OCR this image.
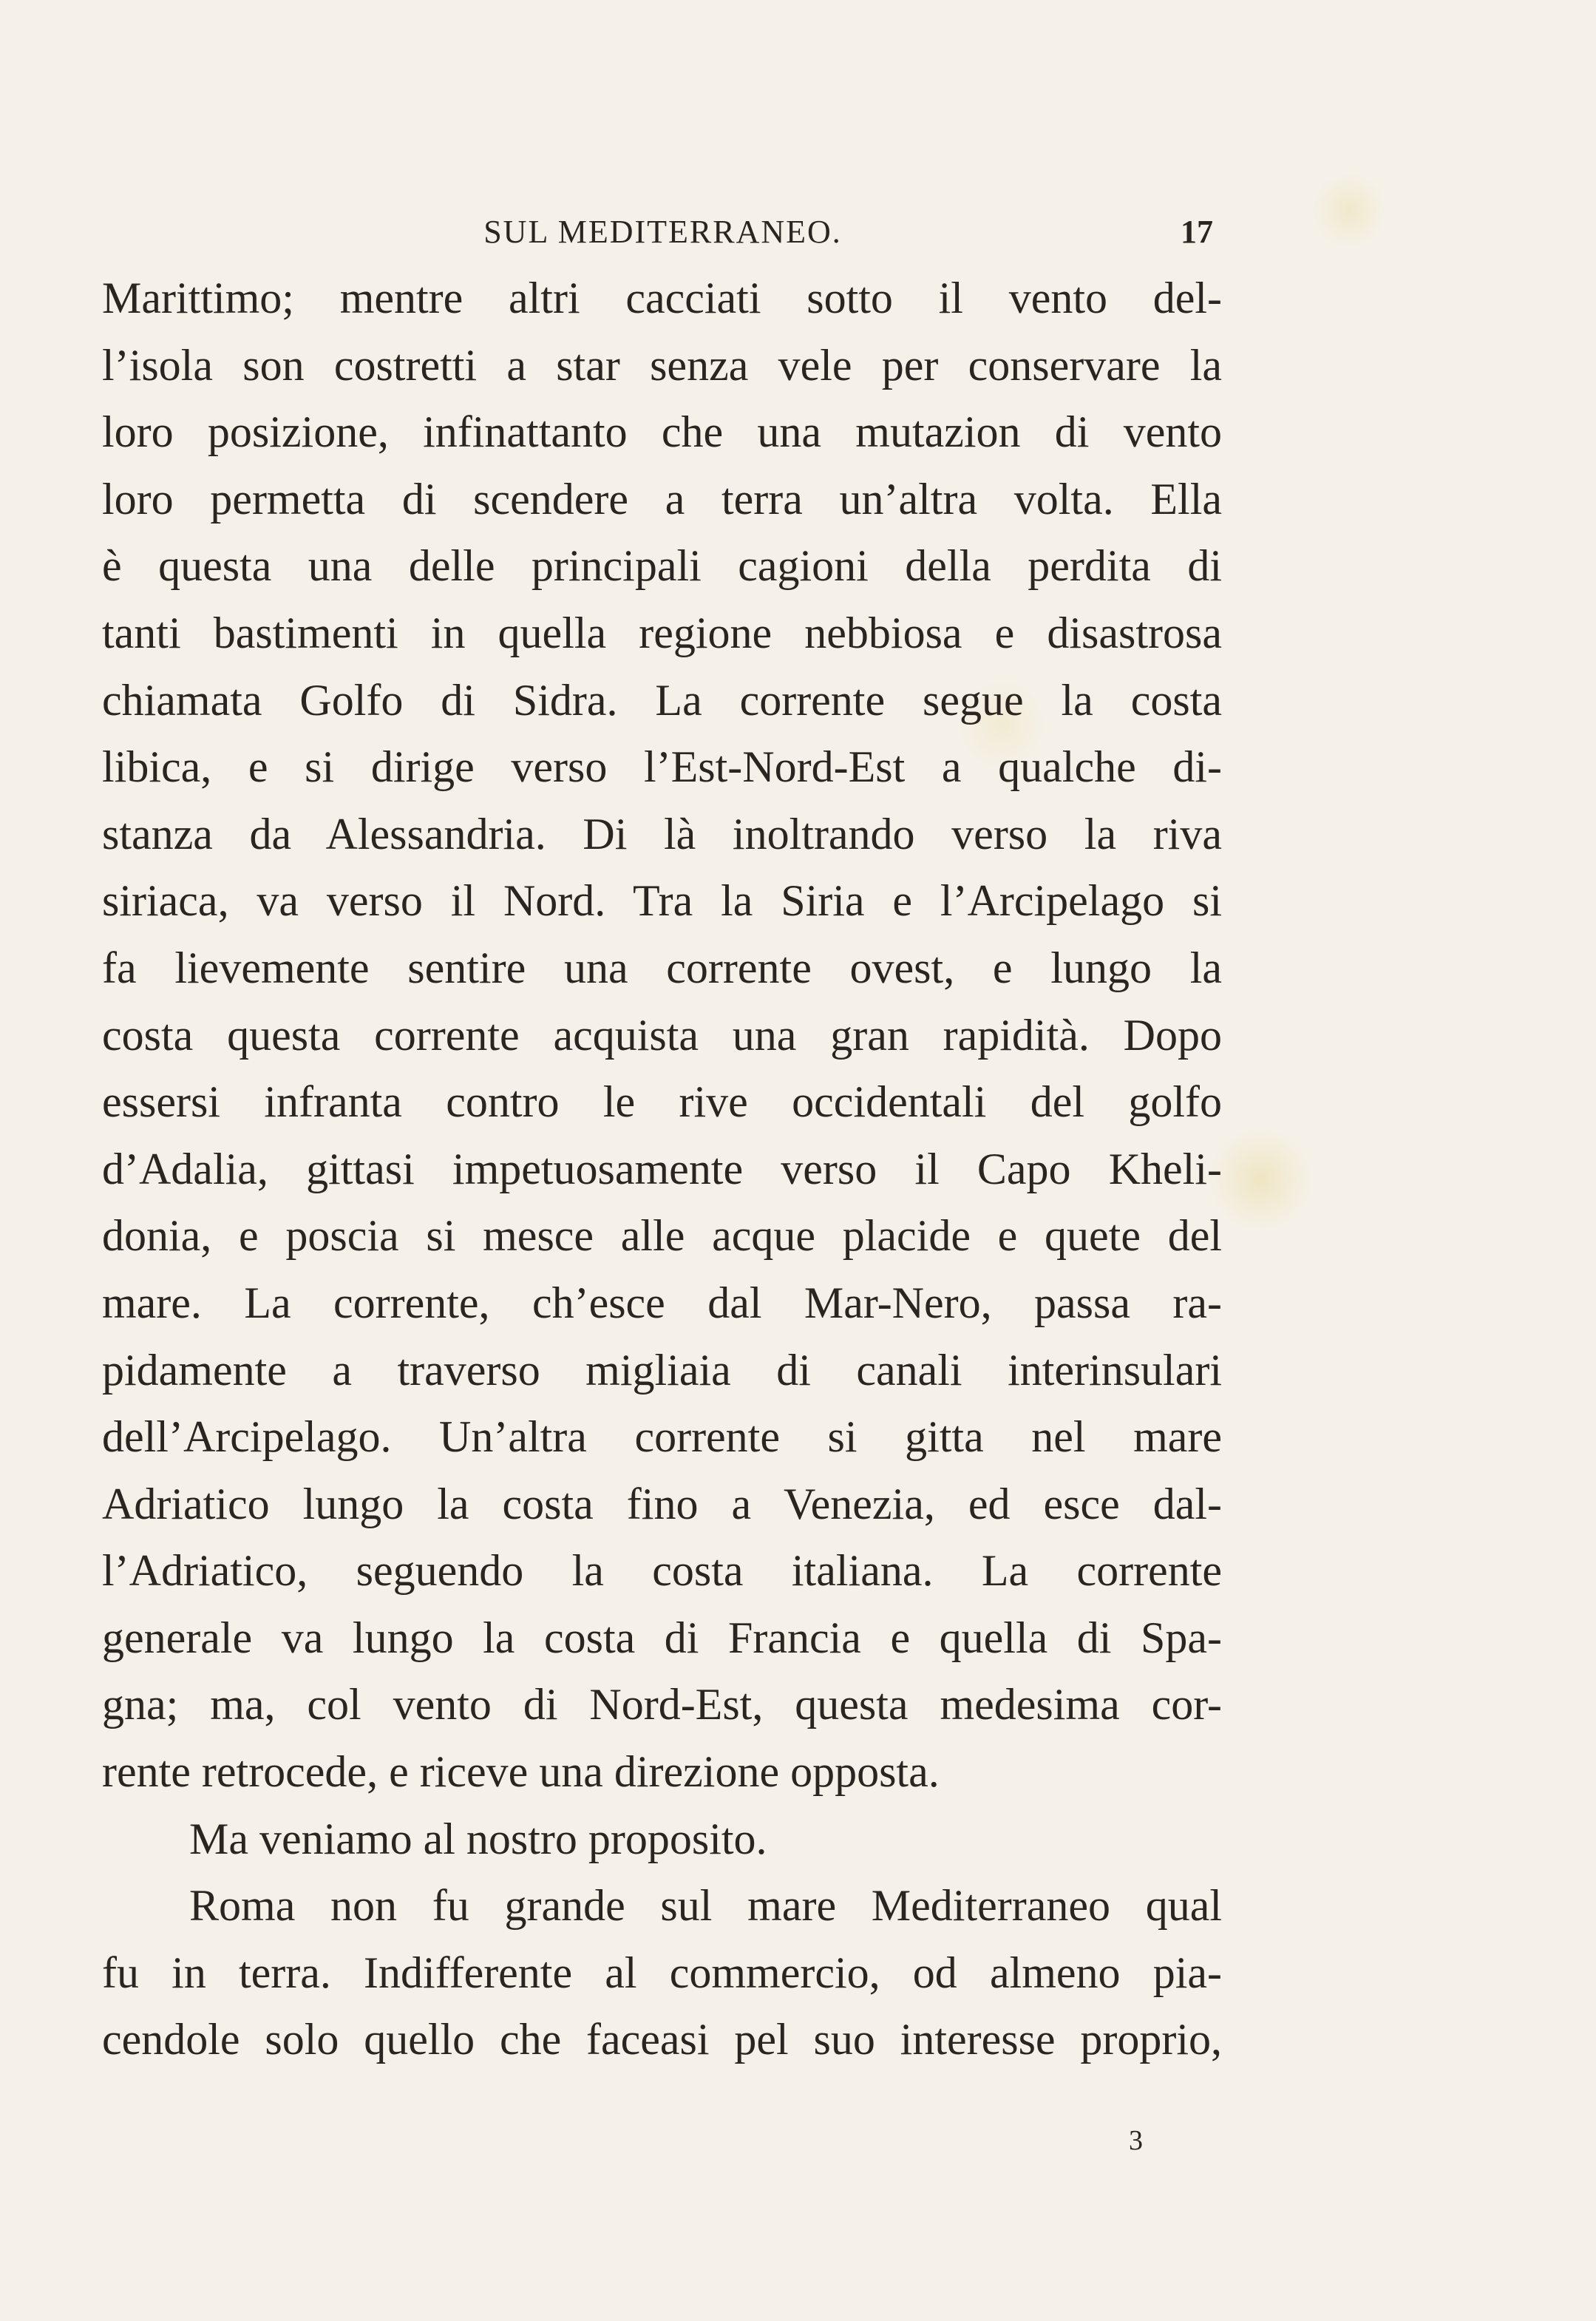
SUL MEDITERRANEO.	17
Marittimo; mentre altri cacciati sotto il vento del-
l’isola son costretti a star senza vele per conservare la
loro posizione, infinattanto che una mutazion di vento
loro permetta di scendere a terra un’altra volta. Ella
è questa una delle principali cagioni della perdita di
tanti bastimenti in quella regione nebbiosa e disastrosa
chiamata Golfo di Sidra. La corrente segue la costa
libica, e si dirige verso l’Est-Nord-Est a qualche di-
stanza da Alessandria. Di là inoltrando verso la riva
siriaca, va verso il Nord. Tra la Siria e l’Arcipelago si
fa lievemente sentire una corrente ovest, e lungo la
costa questa corrente acquista una gran rapidità. Dopo
essersi infranta contro le rive occidentali del golfo
d’Adalia, gittasi impetuosamente verso il Capo Kheli-
donia, e poscia si mesce alle acque placide e quete del
mare. La corrente, ch’esce dal Mar-Nero, passa ra-
pidamente a traverso migliaia di canali interinsulari
dell’Arcipelago. Un’altra corrente si gitta nel mare
Adriatico lungo la costa fino a Venezia, ed esce dal-
l’Adriatico, seguendo la costa italiana. La corrente
generale va lungo la costa di Francia e quella di Spa-
gna; ma, col vento di Nord-Est, questa medesima cor-
rente retrocede, e riceve una direzione opposta.
Ma veniamo al nostro proposito.
Roma non fu grande sul mare Mediterraneo qual
fu in terra. Indifferente al commercio, od almeno pia-
cendole solo quello che faceasi pel suo interesse proprio,
3
